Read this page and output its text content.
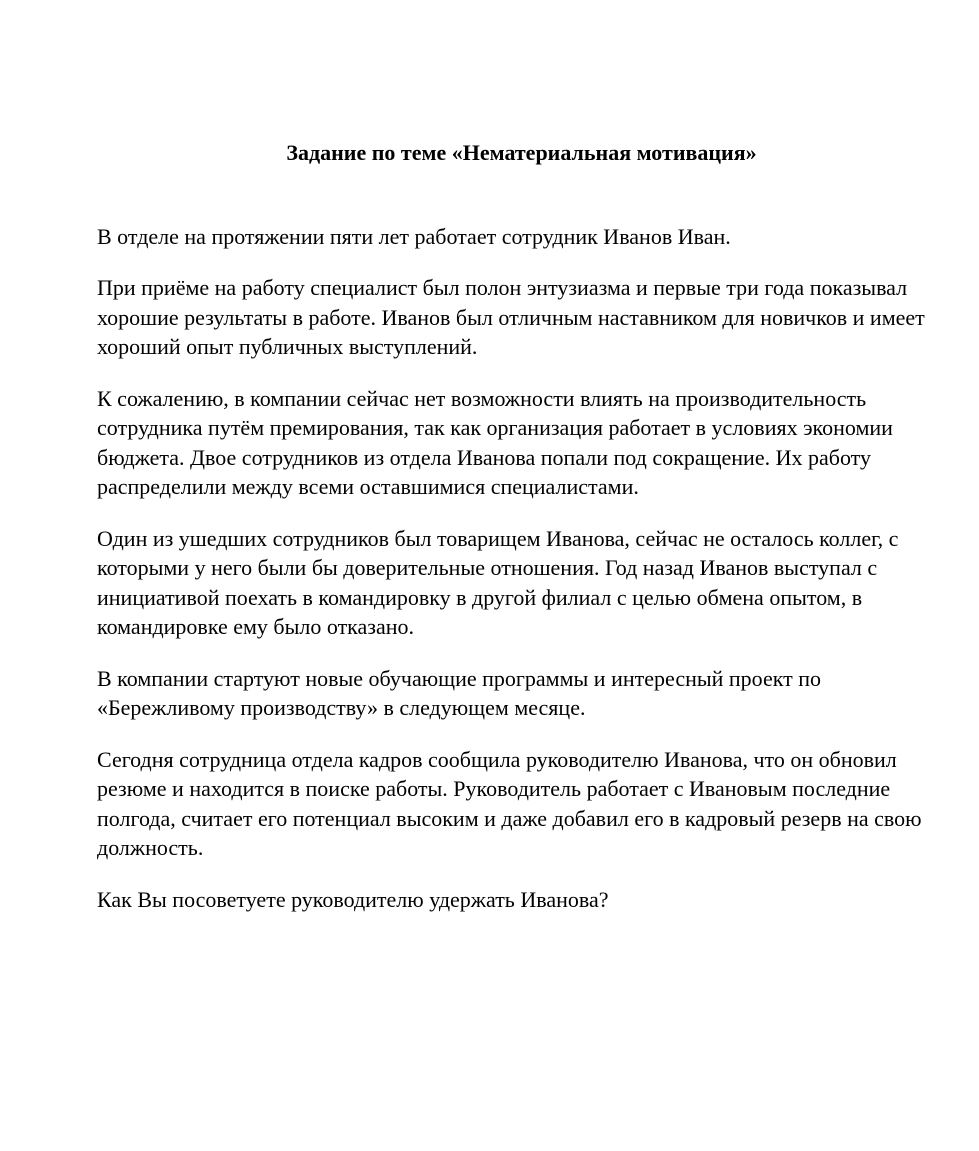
Задание по теме «Нематериальная мотивация»

В отделе на протяжении пяти лет работает сотрудник Иванов Иван.

При приёме на работу специалист был полон энтузиазма и первые три года показывал хорошие результаты в работе. Иванов был отличным наставником для новичков и имеет хороший опыт публичных выступлений.

К сожалению, в компании сейчас нет возможности влиять на производительность сотрудника путём премирования, так как организация работает в условиях экономии бюджета. Двое сотрудников из отдела Иванова попали под сокращение. Их работу распределили между всеми оставшимися специалистами.

Один из ушедших сотрудников был товарищем Иванова, сейчас не осталось коллег, с которыми у него были бы доверительные отношения. Год назад Иванов выступал с инициативой поехать в командировку в другой филиал с целью обмена опытом, в командировке ему было отказано.

В компании стартуют новые обучающие программы и интересный проект по «Бережливому производству» в следующем месяце.

Сегодня сотрудница отдела кадров сообщила руководителю Иванова, что он обновил резюме и находится в поиске работы. Руководитель работает с Ивановым последние полгода, считает его потенциал высоким и даже добавил его в кадровый резерв на свою должность.

Как Вы посоветуете руководителю удержать Иванова?
